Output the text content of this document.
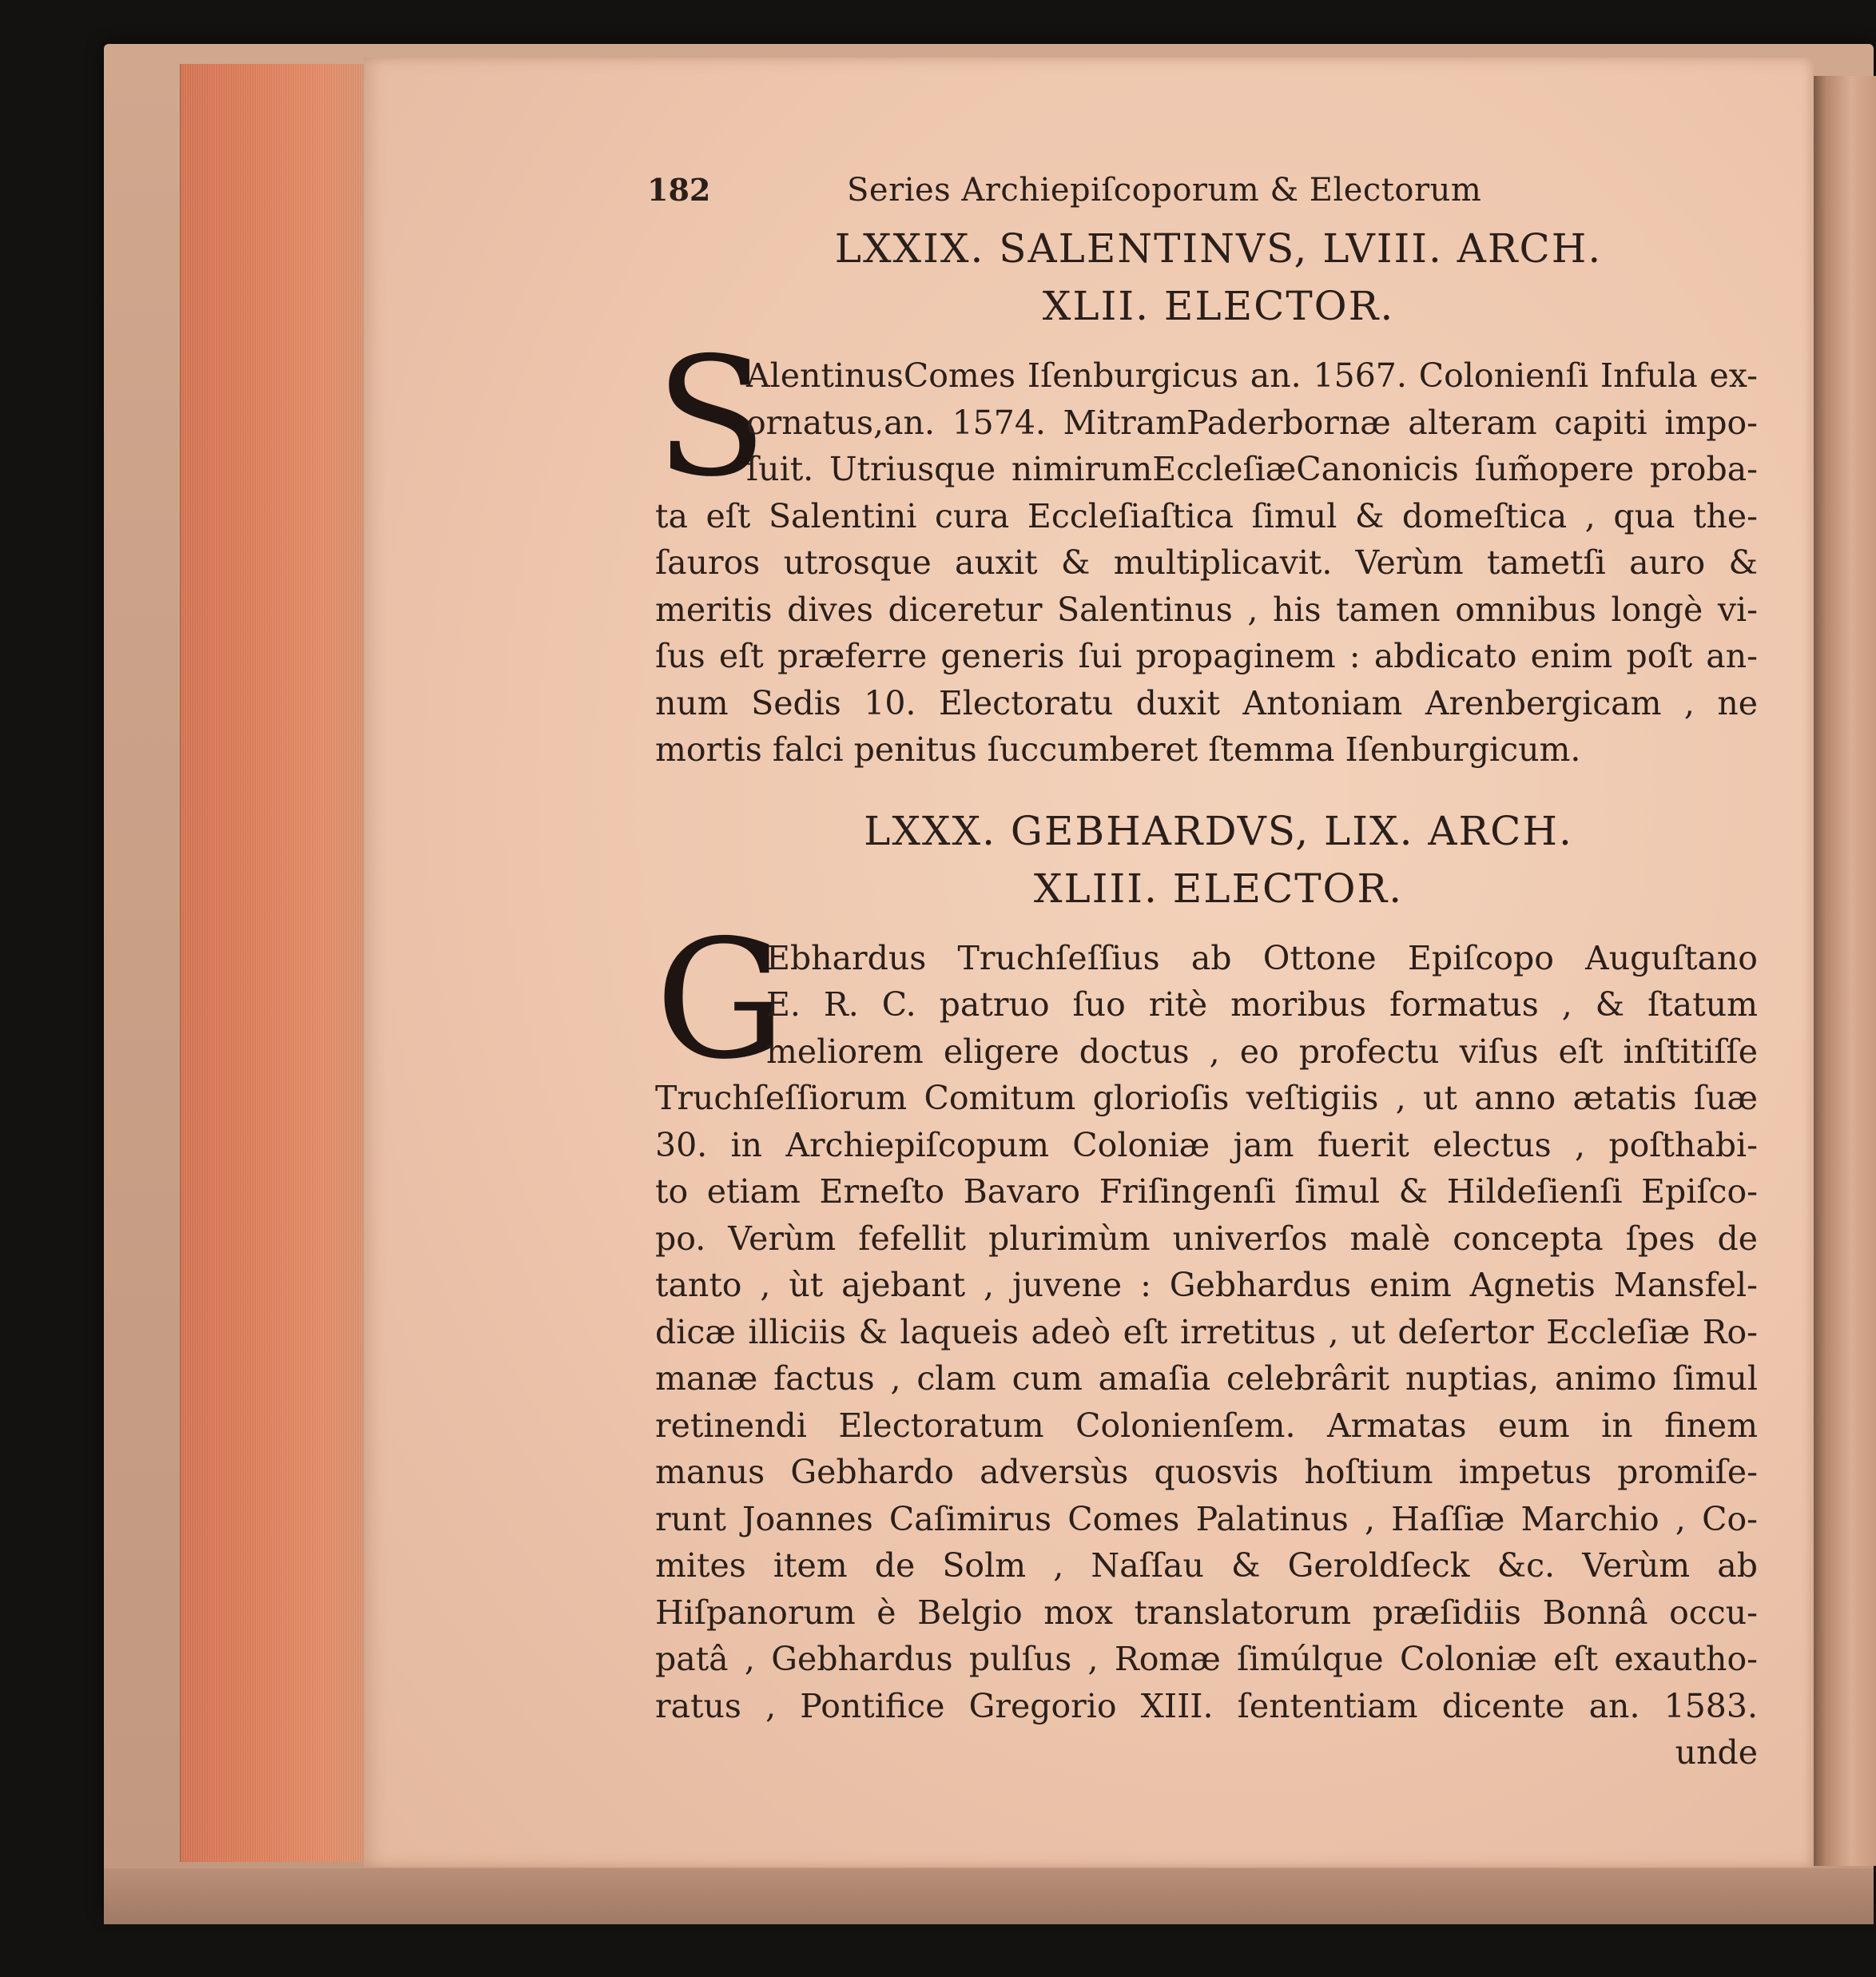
182	Series Archiepiſcoporum & Electorum
LXXIX. SALENTINVS, LVIII. ARCH.
XLII. ELECTOR.
S
AlentinusComes Iſenburgicus an. 1567. Colonienſi Infula ex-
ornatus,an. 1574. MitramPaderbornæ alteram capiti impo-
ſuit. Utriusque nimirumEccleſiæCanonicis ſum̃opere proba-
ta eſt Salentini cura Eccleſiaſtica ſimul & domeſtica , qua the-
ſauros utrosque auxit & multiplicavit. Verùm tametſi auro &
meritis dives diceretur Salentinus , his tamen omnibus longè vi-
ſus eſt præferre generis ſui propaginem : abdicato enim poſt an-
num Sedis 10. Electoratu duxit Antoniam Arenbergicam , ne
mortis falci penitus ſuccumberet ſtemma Iſenburgicum.
LXXX. GEBHARDVS, LIX. ARCH.
XLIII. ELECTOR.
G
Ebhardus Truchſeſſius ab Ottone Epiſcopo Auguſtano
E. R. C. patruo ſuo ritè moribus formatus , & ſtatum
meliorem eligere doctus , eo profectu viſus eſt inſtitiſſe
Truchſeſſiorum Comitum glorioſis veſtigiis , ut anno ætatis ſuæ
30. in Archiepiſcopum Coloniæ jam fuerit electus , poſthabi-
to etiam Erneſto Bavaro Friſingenſi ſimul & Hildeſienſi Epiſco-
po. Verùm fefellit plurimùm univerſos malè concepta ſpes de
tanto , ùt ajebant , juvene : Gebhardus enim Agnetis Mansfel-
dicæ illiciis & laqueis adeò eſt irretitus , ut deſertor Eccleſiæ Ro-
manæ factus , clam cum amaſia celebrârit nuptias, animo ſimul
retinendi Electoratum Colonienſem. Armatas eum in finem
manus Gebhardo adversùs quosvis hoſtium impetus promiſe-
runt Joannes Caſimirus Comes Palatinus , Haſſiæ Marchio , Co-
mites item de Solm , Naſſau & Geroldſeck &c. Verùm ab
Hiſpanorum è Belgio mox translatorum præſidiis Bonnâ occu-
patâ , Gebhardus pulſus , Romæ ſimúlque Coloniæ eſt exautho-
ratus , Pontifice Gregorio XIII. ſententiam dicente an. 1583.
unde
